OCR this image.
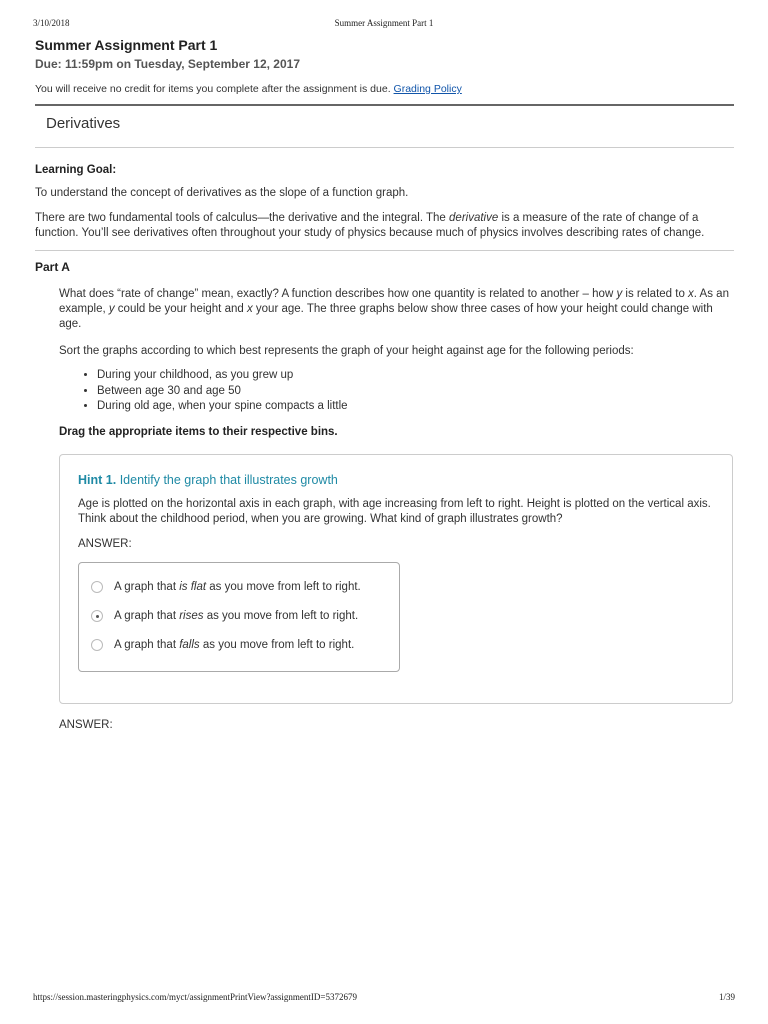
3/10/2018	Summer Assignment Part 1
Summer Assignment Part 1
Due: 11:59pm on Tuesday, September 12, 2017
You will receive no credit for items you complete after the assignment is due. Grading Policy
Derivatives
Learning Goal:
To understand the concept of derivatives as the slope of a function graph.
There are two fundamental tools of calculus—the derivative and the integral. The derivative is a measure of the rate of change of a function. You’ll see derivatives often throughout your study of physics because much of physics involves describing rates of change.
Part A
What does “rate of change” mean, exactly? A function describes how one quantity is related to another – how y is related to x. As an example, y could be your height and x your age. The three graphs below show three cases of how your height could change with age.
Sort the graphs according to which best represents the graph of your height against age for the following periods:
• During your childhood, as you grew up
• Between age 30 and age 50
• During old age, when your spine compacts a little
Drag the appropriate items to their respective bins.
Hint 1. Identify the graph that illustrates growth
Age is plotted on the horizontal axis in each graph, with age increasing from left to right. Height is plotted on the vertical axis. Think about the childhood period, when you are growing. What kind of graph illustrates growth?
ANSWER:
A graph that is flat as you move from left to right.
A graph that rises as you move from left to right.
A graph that falls as you move from left to right.
ANSWER:
https://session.masteringphysics.com/myct/assignmentPrintView?assignmentID=5372679	1/39
